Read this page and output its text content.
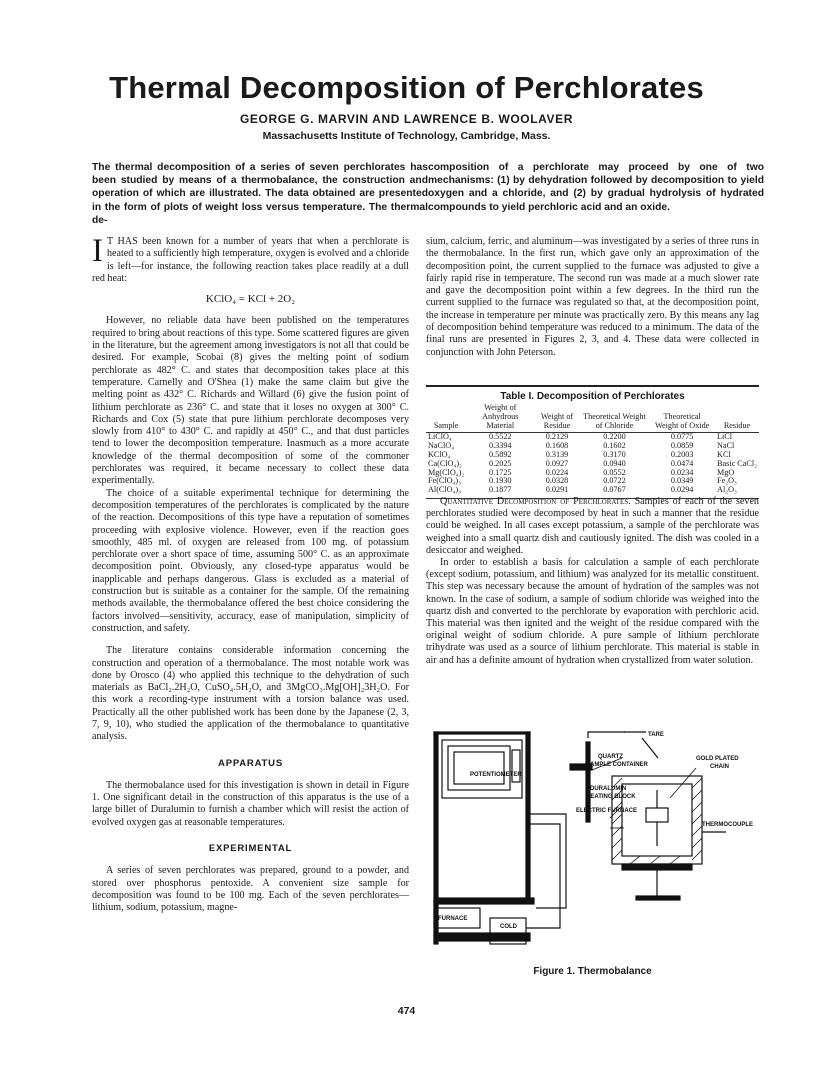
Thermal Decomposition of Perchlorates
GEORGE G. MARVIN AND LAWRENCE B. WOOLAVER
Massachusetts Institute of Technology, Cambridge, Mass.
The thermal decomposition of a series of seven perchlorates has been studied by means of a thermobalance, the construction and operation of which are illustrated. The data obtained are presented in the form of plots of weight loss versus temperature. The thermal de-
composition of a perchlorate may proceed by one of two mechanisms: (1) by dehydration followed by decomposition to yield oxygen and a chloride, and (2) by gradual hydrolysis of hydrated compounds to yield perchloric acid and an oxide.

I T HAS been known for a number of years that when a perchlorate is heated to a sufficiently high temperature, oxygen is evolved and a chloride is left—for instance, the following reaction takes place readily at a dull red heat:

KClO₄ = KCl + 2O₂

However, no reliable data have been published on the temperatures required to bring about reactions of this type. Some scattered figures are given in the literature, but the agreement among investigators is not all that could be desired. For example, Scobai (8) gives the melting point of sodium perchlorate as 482° C. and states that decomposition takes place at this temperature. Carnelly and O'Shea (1) make the same claim but give the melting point as 432° C. Richards and Willard (6) give the fusion point of lithium perchlorate as 236° C. and state that it loses no oxygen at 300° C. Richards and Cox (5) state that pure lithium perchlorate decomposes very slowly from 410° to 430° C. and rapidly at 450° C., and that dust particles tend to lower the decomposition temperature. Inasmuch as a more accurate knowledge of the thermal decomposition of some of the commoner perchlorates was required, it became necessary to collect these data experimentally.

The choice of a suitable experimental technique for determining the decomposition temperatures of the perchlorates is complicated by the nature of the reaction. Decompositions of this type have a reputation of sometimes proceeding with explosive violence. However, even if the reaction goes smoothly, 485 ml. of oxygen are released from 100 mg. of potassium perchlorate over a short space of time, assuming 500° C. as an approximate decomposition point. Obviously, any closed-type apparatus would be inapplicable and perhaps dangerous. Glass is excluded as a material of construction but is suitable as a container for the sample. Of the remaining methods available, the thermobalance offered the best choice considering the factors involved—sensitivity, accuracy, ease of manipulation, simplicity of construction, and safety.

The literature contains considerable information concerning the construction and operation of a thermobalance. The most notable work was done by Orosco (4) who applied this technique to the dehydration of such materials as BaCl₂.2H₂O, CuSO₄.5H₂O, and 3MgCO₃.Mg[OH]₂3H₂O. For this work a recording-type instrument with a torsion balance was used. Practically all the other published work has been done by the Japanese (2, 3, 7, 9, 10), who studied the application of the thermobalance to quantitative analysis.

APPARATUS

The thermobalance used for this investigation is shown in detail in Figure 1. One significant detail in the construction of this apparatus is the use of a large billet of Duralumin to furnish a chamber which will resist the action of evolved oxygen gas at reasonable temperatures.

EXPERIMENTAL

A series of seven perchlorates was prepared, ground to a powder, and stored over phosphorus pentoxide. A convenient size sample for decomposition was found to be 100 mg. Each of the seven perchlorates—lithium, sodium, potassium, magne-

sium, calcium, ferric, and aluminum—was investigated by a series of three runs in the thermobalance. In the first run, which gave only an approximation of the decomposition point, the current supplied to the furnace was adjusted to give a fairly rapid rise in temperature. The second run was made at a much slower rate and gave the decomposition point within a few degrees. In the third run the current supplied to the furnace was regulated so that, at the decomposition point, the increase in temperature per minute was practically zero. By this means any lag of decomposition behind temperature was reduced to a minimum. The data of the final runs are presented in Figures 2, 3, and 4. These data were collected in conjunction with John Peterson.

Table I. Decomposition of Perchlorates
Sample	Weight of Anhydrous Material	Weight of Residue	Theoretical Weight of Chloride	Theoretical Weight of Oxide	Residue
LiClO₄	0.5522	0.2129	0.2200	0.0775	LiCl
NaClO₄	0.3394	0.1608	0.1602	0.0859	NaCl
KClO₄	0.5892	0.3139	0.3170	0.2003	KCl
Ca(ClO₄)₂	0.2025	0.0927	0.0940	0.0474	Basic CaCl₂
Mg(ClO₄)₂	0.1725	0.0224	0.0552	0.0234	MgO
Fe(ClO₄)₃	0.1930	0.0328	0.0722	0.0349	Fe₂O₃
Al(ClO₄)₃	0.1877	0.0291	0.0767	0.0294	Al₂O₃

Quantitative Decomposition of Perchlorates. Samples of each of the seven perchlorates studied were decomposed by heat in such a manner that the residue could be weighed. In all cases except potassium, a sample of the perchlorate was weighed into a small quartz dish and cautiously ignited. The dish was cooled in a desiccator and weighed.

In order to establish a basis for calculation a sample of each perchlorate (except sodium, potassium, and lithium) was analyzed for its metallic constituent. This step was necessary because the amount of hydration of the samples was not known. In the case of sodium, a sample of sodium chloride was weighed into the quartz dish and converted to the perchlorate by evaporation with perchloric acid. This material was then ignited and the weight of the residue compared with the original weight of sodium chloride. A pure sample of lithium perchlorate trihydrate was used as a source of lithium perchlorate. This material is stable in air and has a definite amount of hydration when crystallized from water solution.

POTENTIOMETER
TARE
QUARTZ
SAMPLE CONTAINER
GOLD PLATED
CHAIN
DURALUMIN
HEATING BLOCK
ELECTRIC FURNACE
THERMOCOUPLE
FURNACE
COLD
JUNCTION
Figure 1. Thermobalance
474
